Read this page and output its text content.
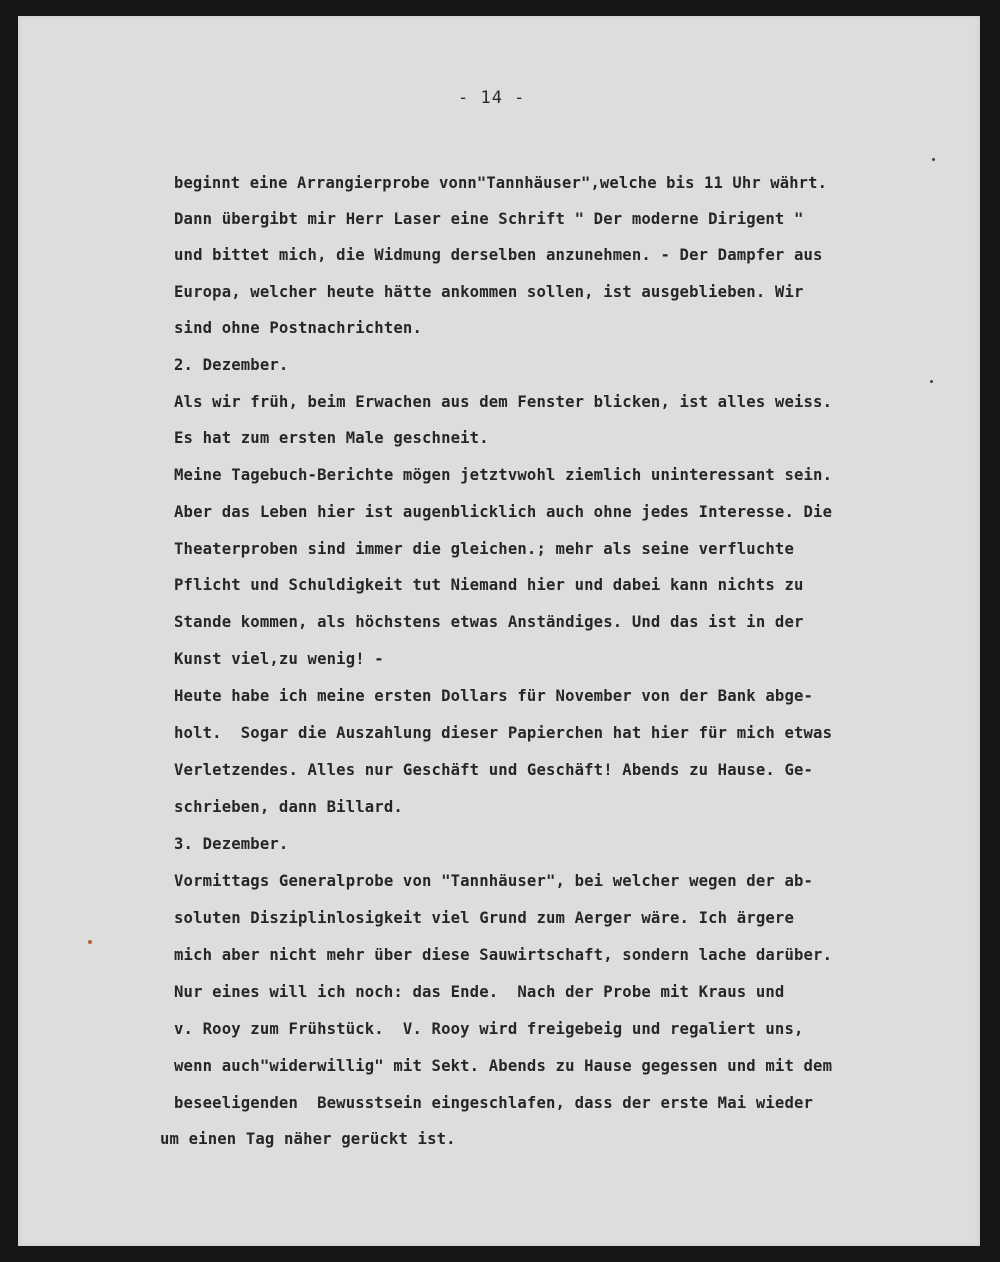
- 14 -
beginnt eine Arrangierprobe vonn"Tannhäuser",welche bis 11 Uhr währt.
Dann übergibt mir Herr Laser eine Schrift " Der moderne Dirigent "
und bittet mich, die Widmung derselben anzunehmen. - Der Dampfer aus
Europa, welcher heute hätte ankommen sollen, ist ausgeblieben. Wir
sind ohne Postnachrichten.
2. Dezember.
Als wir früh, beim Erwachen aus dem Fenster blicken, ist alles weiss.
Es hat zum ersten Male geschneit.
Meine Tagebuch-Berichte mögen jetztvwohl ziemlich uninteressant sein.
Aber das Leben hier ist augenblicklich auch ohne jedes Interesse. Die
Theaterproben sind immer die gleichen.; mehr als seine verfluchte
Pflicht und Schuldigkeit tut Niemand hier und dabei kann nichts zu
Stande kommen, als höchstens etwas Anständiges. Und das ist in der
Kunst viel,zu wenig! -
Heute habe ich meine ersten Dollars für November von der Bank abge-
holt.  Sogar die Auszahlung dieser Papierchen hat hier für mich etwas
Verletzendes. Alles nur Geschäft und Geschäft! Abends zu Hause. Ge-
schrieben, dann Billard.
3. Dezember.
Vormittags Generalprobe von "Tannhäuser", bei welcher wegen der ab-
soluten Disziplinlosigkeit viel Grund zum Aerger wäre. Ich ärgere
mich aber nicht mehr über diese Sauwirtschaft, sondern lache darüber.
Nur eines will ich noch: das Ende.  Nach der Probe mit Kraus und
v. Rooy zum Frühstück.  V. Rooy wird freigebeig und regaliert uns,
wenn auch"widerwillig" mit Sekt. Abends zu Hause gegessen und mit dem
beseeligenden  Bewusstsein eingeschlafen, dass der erste Mai wieder
um einen Tag näher gerückt ist.
